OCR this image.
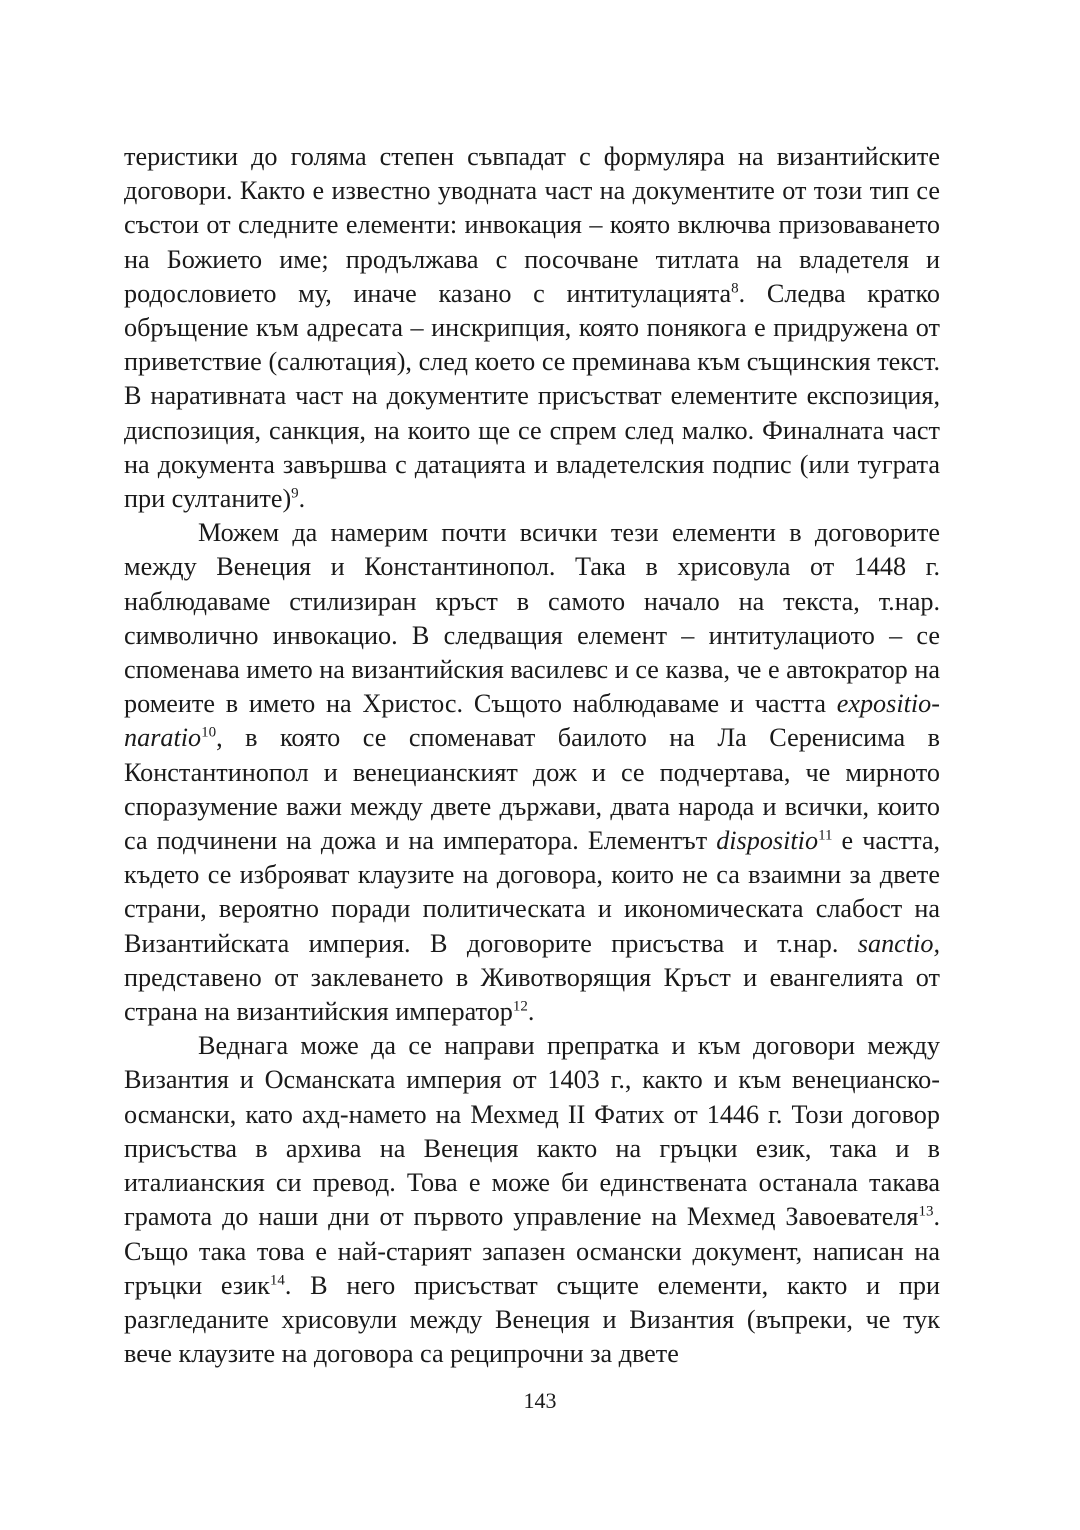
теристики до голяма степен съвпадат с формуляра на византийските договори. Както е известно уводната част на документите от този тип се състои от следните елементи: инвокация – която включва призоваването на Божието име; продължава с посочване титлата на владетеля и родословието му, иначе казано с интитулацията$^8$. Следва кратко обръщение към адресата – инскрипция, която понякога е придружена от приветствие (салютация), след което се преминава към същинския текст. В наративната част на документите присъстват елементите експозиция, диспозиция, санкция, на които ще се спрем след малко. Финалната част на документа завършва с датацията и владетелския подпис (или туграта при султаните)$^9$.

Можем да намерим почти всички тези елементи в договорите между Венеция и Константинопол. Така в хрисовула от 1448 г. наблюдаваме стилизиран кръст в самото начало на текста, т.нар. символично инвокацио. В следващия елемент – интитулациото – се споменава името на византийския василевс и се казва, че е автократор на ромеите в името на Христос. Същото наблюдаваме и частта expositio-naratio$^{10}$, в която се споменават баилото на Ла Серенисима в Константинопол и венецианският дож и се подчертава, че мирното споразумение важи между двете държави, двата народа и всички, които са подчинени на дожа и на императора. Елементът dispositio$^{11}$ е частта, където се изброяват клаузите на договора, които не са взаимни за двете страни, вероятно поради политическата и икономическата слабост на Византийската империя. В договорите присъства и т.нар. sanctio, представено от заклеването в Животворящия Кръст и евангелията от страна на византийския император$^{12}$.

Веднага може да се направи препратка и към договори между Византия и Османската империя от 1403 г., както и към венецианско-османски, като ахд-намето на Мехмед II Фатих от 1446 г. Този договор присъства в архива на Венеция както на гръцки език, така и в италианския си превод. Това е може би единствената останала такава грамота до наши дни от първото управление на Мехмед Завоевателя$^{13}$. Също така това е най-старият запазен османски документ, написан на гръцки език$^{14}$. В него присъстват същите елементи, както и при разгледаните хрисовули между Венеция и Византия (въпреки, че тук вече клаузите на договора са реципрочни за двете

143
